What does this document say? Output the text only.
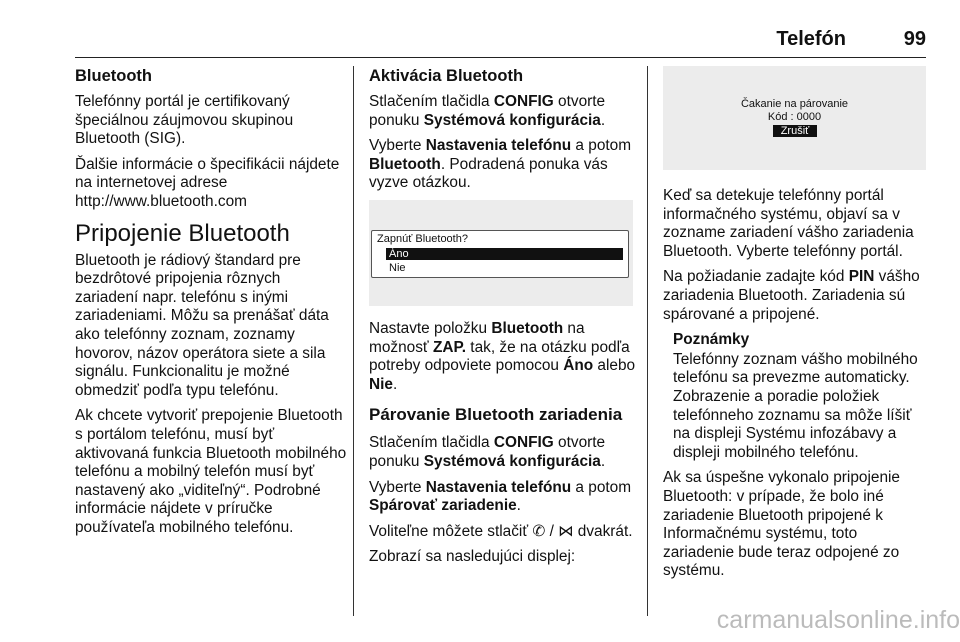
Telefón	99
Bluetooth

Telefónny portál je certifikovaný špeciálnou záujmovou skupinou Bluetooth (SIG).

Ďalšie informácie o špecifikácii nájdete na internetovej adrese http://www.bluetooth.com

Pripojenie Bluetooth

Bluetooth je rádiový štandard pre bezdrôtové pripojenia rôznych zariadení napr. telefónu s inými zariadeniami. Môžu sa prenášať dáta ako telefónny zoznam, zoznamy hovorov, názov operátora siete a sila signálu. Funkcionalitu je možné obmedziť podľa typu telefónu.

Ak chcete vytvoriť prepojenie Bluetooth s portálom telefónu, musí byť aktivovaná funkcia Bluetooth mobilného telefónu a mobilný telefón musí byť nastavený ako „viditeľný“. Podrobné informácie nájdete v príručke používateľa mobilného telefónu.

Aktivácia Bluetooth

Stlačením tlačidla CONFIG otvorte ponuku Systémová konfigurácia.

Vyberte Nastavenia telefónu a potom Bluetooth. Podradená ponuka vás vyzve otázkou.

Zapnúť Bluetooth?
Áno
Nie

Nastavte položku Bluetooth na možnosť ZAP. tak, že na otázku podľa potreby odpoviete pomocou Áno alebo Nie.

Párovanie Bluetooth zariadenia

Stlačením tlačidla CONFIG otvorte ponuku Systémová konfigurácia.

Vyberte Nastavenia telefónu a potom Spárovať zariadenie.

Voliteľne môžete stlačiť ✆ / ⋈ dvakrát.

Zobrazí sa nasledujúci displej:

Čakanie na párovanie
Kód : 0000
Zrušiť

Keď sa detekuje telefónny portál informačného systému, objaví sa v zozname zariadení vášho zariadenia Bluetooth. Vyberte telefónny portál.

Na požiadanie zadajte kód PIN vášho zariadenia Bluetooth. Zariadenia sú spárované a pripojené.

Poznámky

Telefónny zoznam vášho mobilného telefónu sa prevezme automaticky. Zobrazenie a poradie položiek telefónneho zoznamu sa môže líšiť na displeji Systému infozábavy a displeji mobilného telefónu.

Ak sa úspešne vykonalo pripojenie Bluetooth: v prípade, že bolo iné zariadenie Bluetooth pripojené k Informačnému systému, toto zariadenie bude teraz odpojené zo systému.

carmanualsonline.info
